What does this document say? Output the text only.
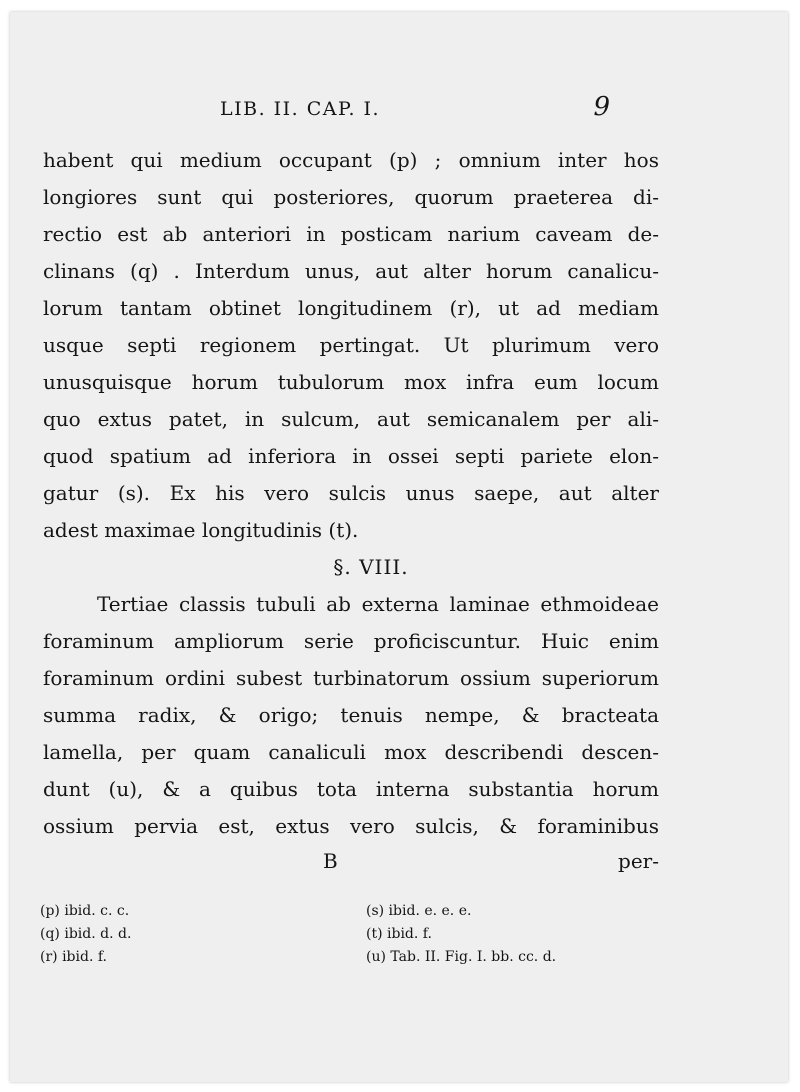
LIB. II. CAP. I.	9
habent qui medium occupant (p) ; omnium inter hos
longiores sunt qui posteriores, quorum praeterea di-
rectio est ab anteriori in posticam narium caveam de-
clinans (q) . Interdum unus, aut alter horum canalicu-
lorum tantam obtinet longitudinem (r), ut ad mediam
usque septi regionem pertingat. Ut plurimum vero
unusquisque horum tubulorum mox infra eum locum
quo extus patet, in sulcum, aut semicanalem per ali-
quod spatium ad inferiora in ossei septi pariete elon-
gatur (s). Ex his vero sulcis unus saepe, aut alter
adest maximae longitudinis (t).
§. VIII.
Tertiae classis tubuli ab externa laminae ethmoideae
foraminum ampliorum serie proficiscuntur. Huic enim
foraminum ordini subest turbinatorum ossium superiorum
summa radix, & origo; tenuis nempe, & bracteata
lamella, per quam canaliculi mox describendi descen-
dunt (u), & a quibus tota interna substantia horum
ossium pervia est, extus vero sulcis, & foraminibus
B	per-
(p) ibid. c. c.
(q) ibid. d. d.
(r) ibid. f.
(s) ibid. e. e. e.
(t) ibid. f.
(u) Tab. II. Fig. I. bb. cc. d.
